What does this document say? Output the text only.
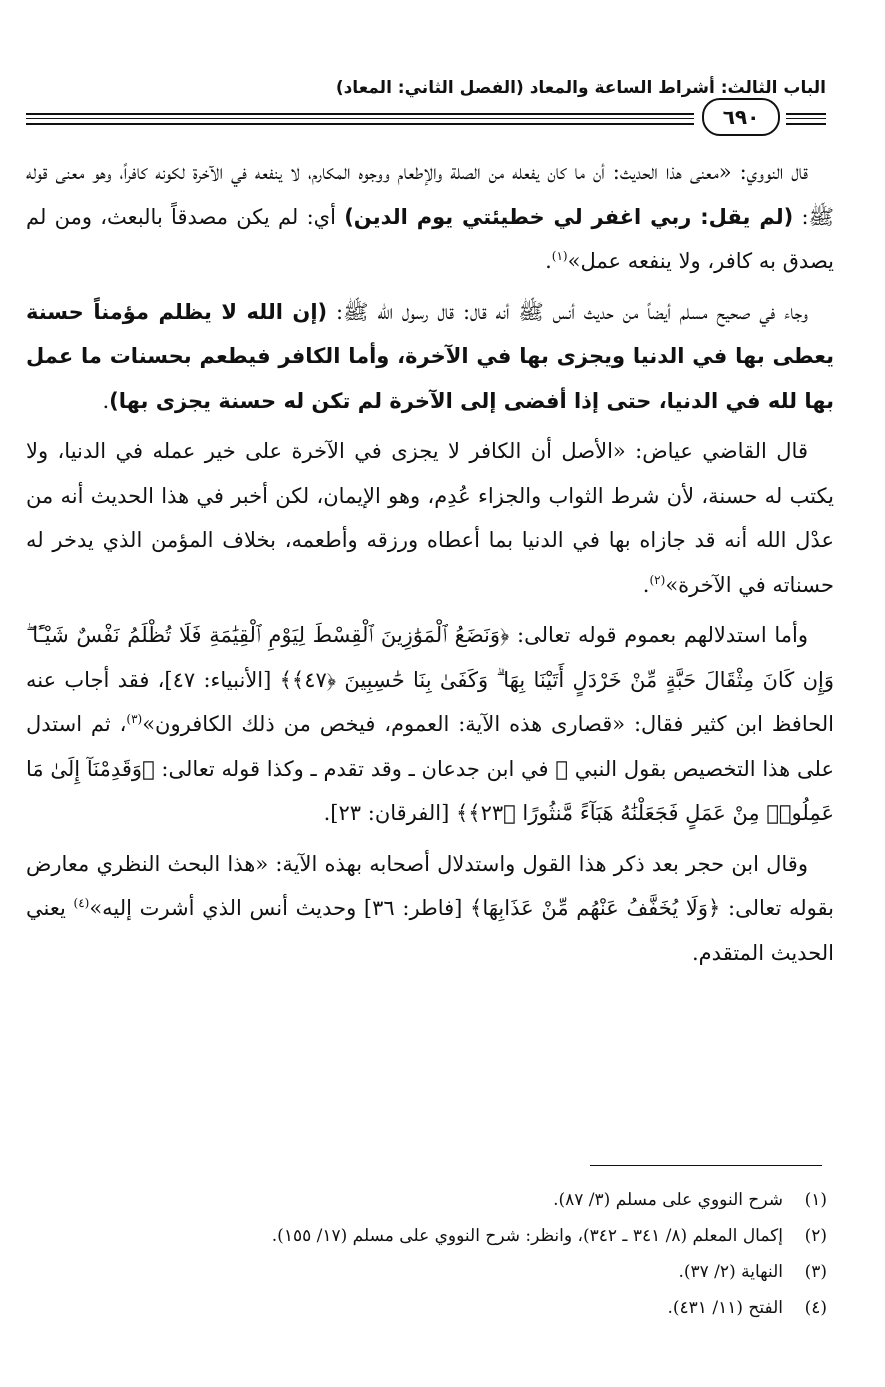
الباب الثالث: أشراط الساعة والمعاد (الفصل الثاني: المعاد)
٦٩٠

قال النووي: «معنى هذا الحديث: أن ما كان يفعله من الصلة والإطعام ووجوه المكارم، لا ينفعه في الآخرة لكونه كافراً، وهو معنى قوله ﷺ: (لم يقل: ربي اغفر لي خطيئتي يوم الدين) أي: لم يكن مصدقاً بالبعث، ومن لم يصدق به كافر، ولا ينفعه عمل»$^{(١)}$.

وجاء في صحيح مسلم أيضاً من حديث أنس ﷺ أنه قال: قال رسول الله ﷺ: (إن الله لا يظلم مؤمناً حسنة يعطى بها في الدنيا ويجزى بها في الآخرة، وأما الكافر فيطعم بحسنات ما عمل بها لله في الدنيا، حتى إذا أفضى إلى الآخرة لم تكن له حسنة يجزى بها).

قال القاضي عياض: «الأصل أن الكافر لا يجزى في الآخرة على خير عمله في الدنيا، ولا يكتب له حسنة، لأن شرط الثواب والجزاء عُدِم، وهو الإيمان، لكن أخبر في هذا الحديث أنه من عدْل الله أنه قد جازاه بها في الدنيا بما أعطاه ورزقه وأطعمه، بخلاف المؤمن الذي يدخر له حسناته في الآخرة»$^{(٢)}$.

وأما استدلالهم بعموم قوله تعالى: ﴿وَنَضَعُ ٱلْمَوَٰزِينَ ٱلْقِسْطَ لِيَوْمِ ٱلْقِيَٰمَةِ فَلَا تُظْلَمُ نَفْسٌ شَيْـًٔا ۖ وَإِن كَانَ مِثْقَالَ حَبَّةٍ مِّنْ خَرْدَلٍ أَتَيْنَا بِهَا ۗ وَكَفَىٰ بِنَا حَٰسِبِينَ ﴿٤٧﴾﴾ [الأنبياء: ٤٧]، فقد أجاب عنه الحافظ ابن كثير فقال: «قصارى هذه الآية: العموم، فيخص من ذلك الكافرون»$^{(٣)}$، ثم استدل على هذا التخصيص بقول النبي ﷺ في ابن جدعان ـ وقد تقدم ـ وكذا قوله تعالى: ﴿وَقَدِمْنَآ إِلَىٰ مَا عَمِلُوا۟ مِنْ عَمَلٍ فَجَعَلْنَٰهُ هَبَآءً مَّنثُورًا ﴿٢٣﴾﴾ [الفرقان: ٢٣].

وقال ابن حجر بعد ذكر هذا القول واستدلال أصحابه بهذه الآية: «هذا البحث النظري معارض بقوله تعالى: ﴿وَلَا يُخَفَّفُ عَنْهُم مِّنْ عَذَابِهَا﴾ [فاطر: ٣٦] وحديث أنس الذي أشرت إليه»$^{(٤)}$ يعني الحديث المتقدم.

(١)
شرح النووي على مسلم (٣/ ٨٧).
(٢)
إكمال المعلم (٨/ ٣٤١ ـ ٣٤٢)، وانظر: شرح النووي على مسلم (١٧/ ١٥٥).
(٣)
النهاية (٢/ ٣٧).
(٤)
الفتح (١١/ ٤٣١).
